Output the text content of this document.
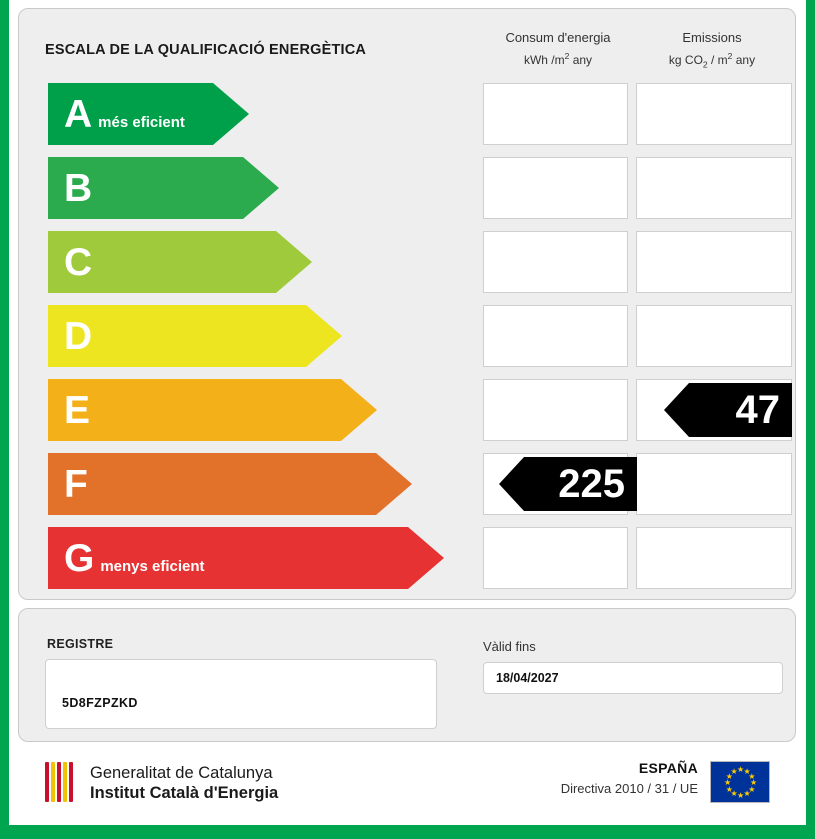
ESCALA DE LA QUALIFICACIÓ ENERGÈTICA
Consum d'energia
kWh $/m^2$ any
Emissions
kg $CO_2 / m^2$ any
A més eficient
B
C
D
E
F
G menys eficient
225
47
REGISTRE
5D8FZPZKD
Vàlid fins
18/04/2027
Generalitat de Catalunya
Institut Català d'Energia
ESPAÑA
Directiva 2010 / 31 / UE
★ ★
★
★
★
★
★
★
★
★
★
★
